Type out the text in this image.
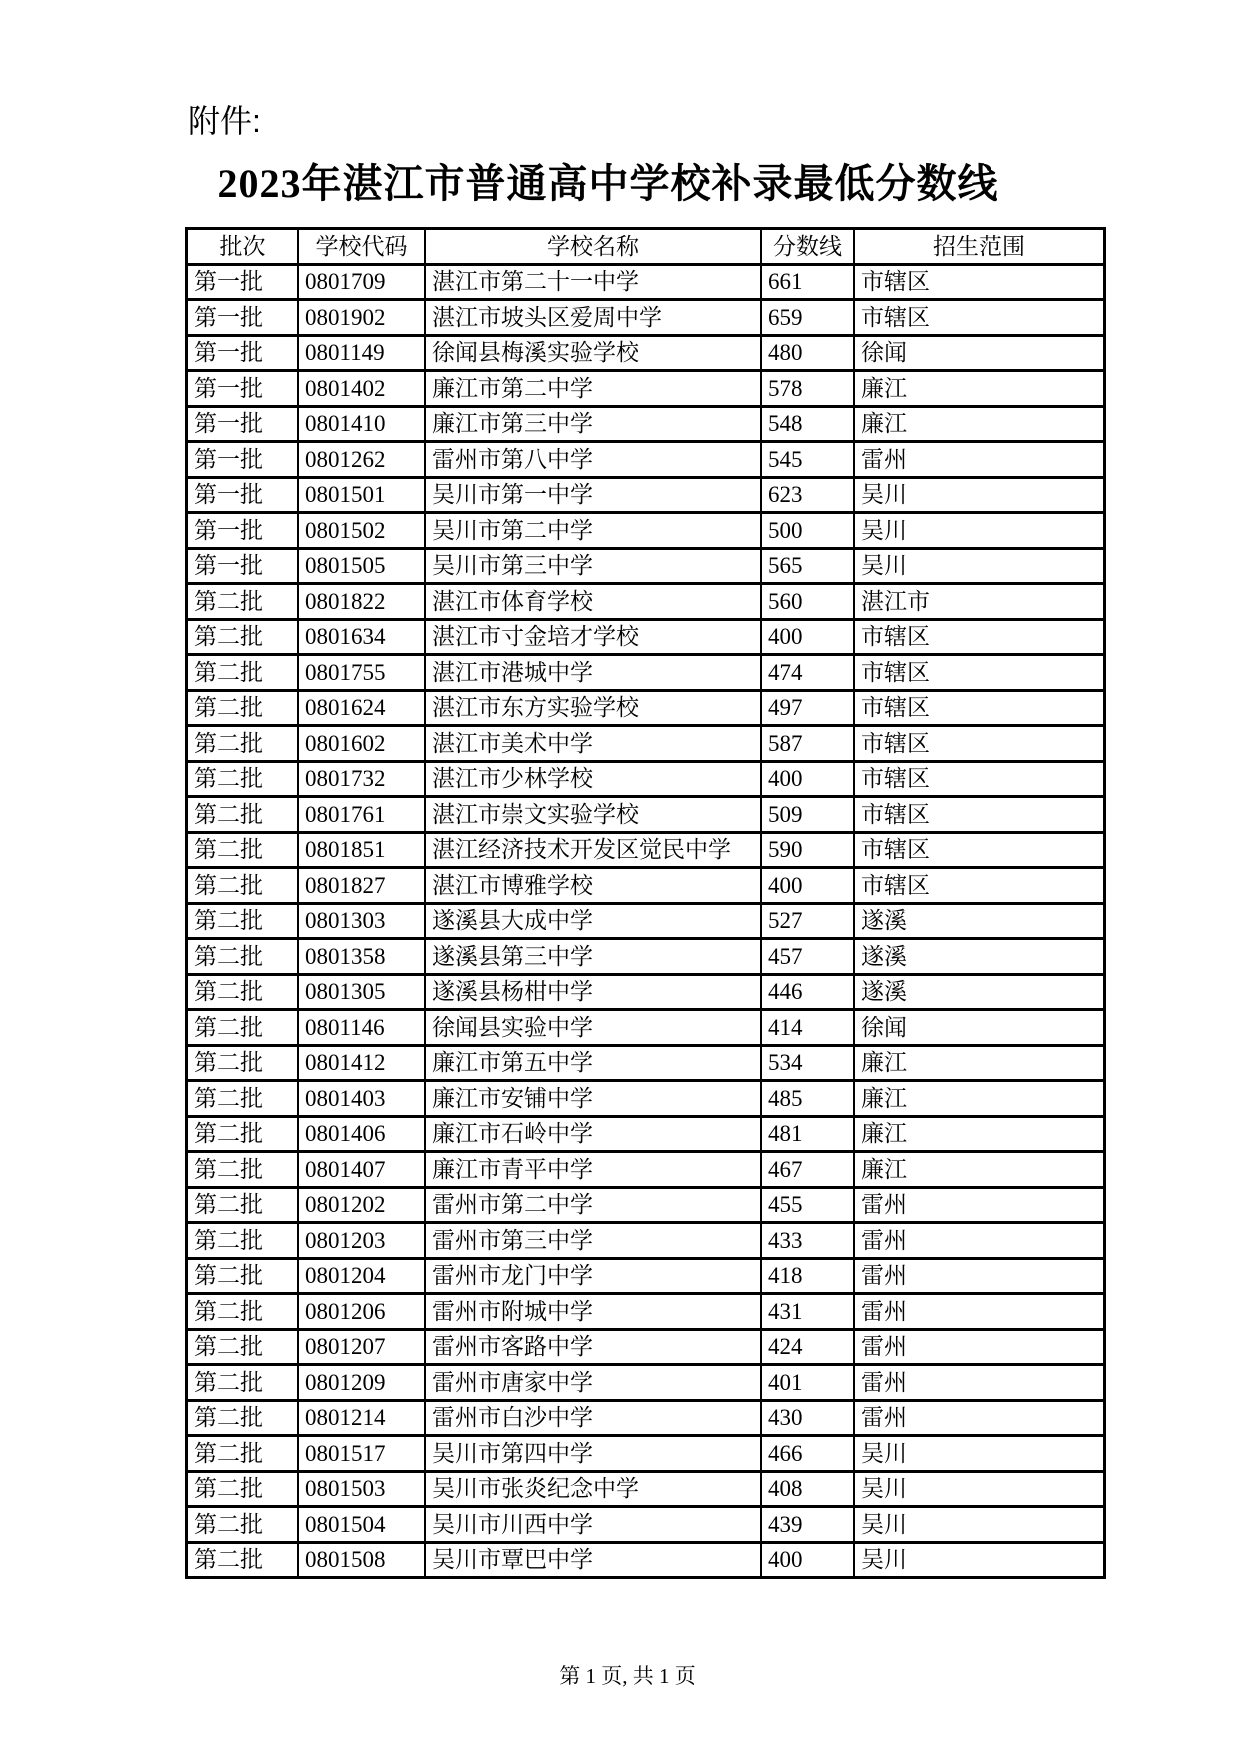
附件:
2023年湛江市普通高中学校补录最低分数线
批次	学校代码	学校名称	分数线	招生范围
第一批	0801709	湛江市第二十一中学	661	市辖区
第一批	0801902	湛江市坡头区爱周中学	659	市辖区
第一批	0801149	徐闻县梅溪实验学校	480	徐闻
第一批	0801402	廉江市第二中学	578	廉江
第一批	0801410	廉江市第三中学	548	廉江
第一批	0801262	雷州市第八中学	545	雷州
第一批	0801501	吴川市第一中学	623	吴川
第一批	0801502	吴川市第二中学	500	吴川
第一批	0801505	吴川市第三中学	565	吴川
第二批	0801822	湛江市体育学校	560	湛江市
第二批	0801634	湛江市寸金培才学校	400	市辖区
第二批	0801755	湛江市港城中学	474	市辖区
第二批	0801624	湛江市东方实验学校	497	市辖区
第二批	0801602	湛江市美术中学	587	市辖区
第二批	0801732	湛江市少林学校	400	市辖区
第二批	0801761	湛江市崇文实验学校	509	市辖区
第二批	0801851	湛江经济技术开发区觉民中学	590	市辖区
第二批	0801827	湛江市博雅学校	400	市辖区
第二批	0801303	遂溪县大成中学	527	遂溪
第二批	0801358	遂溪县第三中学	457	遂溪
第二批	0801305	遂溪县杨柑中学	446	遂溪
第二批	0801146	徐闻县实验中学	414	徐闻
第二批	0801412	廉江市第五中学	534	廉江
第二批	0801403	廉江市安铺中学	485	廉江
第二批	0801406	廉江市石岭中学	481	廉江
第二批	0801407	廉江市青平中学	467	廉江
第二批	0801202	雷州市第二中学	455	雷州
第二批	0801203	雷州市第三中学	433	雷州
第二批	0801204	雷州市龙门中学	418	雷州
第二批	0801206	雷州市附城中学	431	雷州
第二批	0801207	雷州市客路中学	424	雷州
第二批	0801209	雷州市唐家中学	401	雷州
第二批	0801214	雷州市白沙中学	430	雷州
第二批	0801517	吴川市第四中学	466	吴川
第二批	0801503	吴川市张炎纪念中学	408	吴川
第二批	0801504	吴川市川西中学	439	吴川
第二批	0801508	吴川市覃巴中学	400	吴川
第 1 页, 共 1 页
